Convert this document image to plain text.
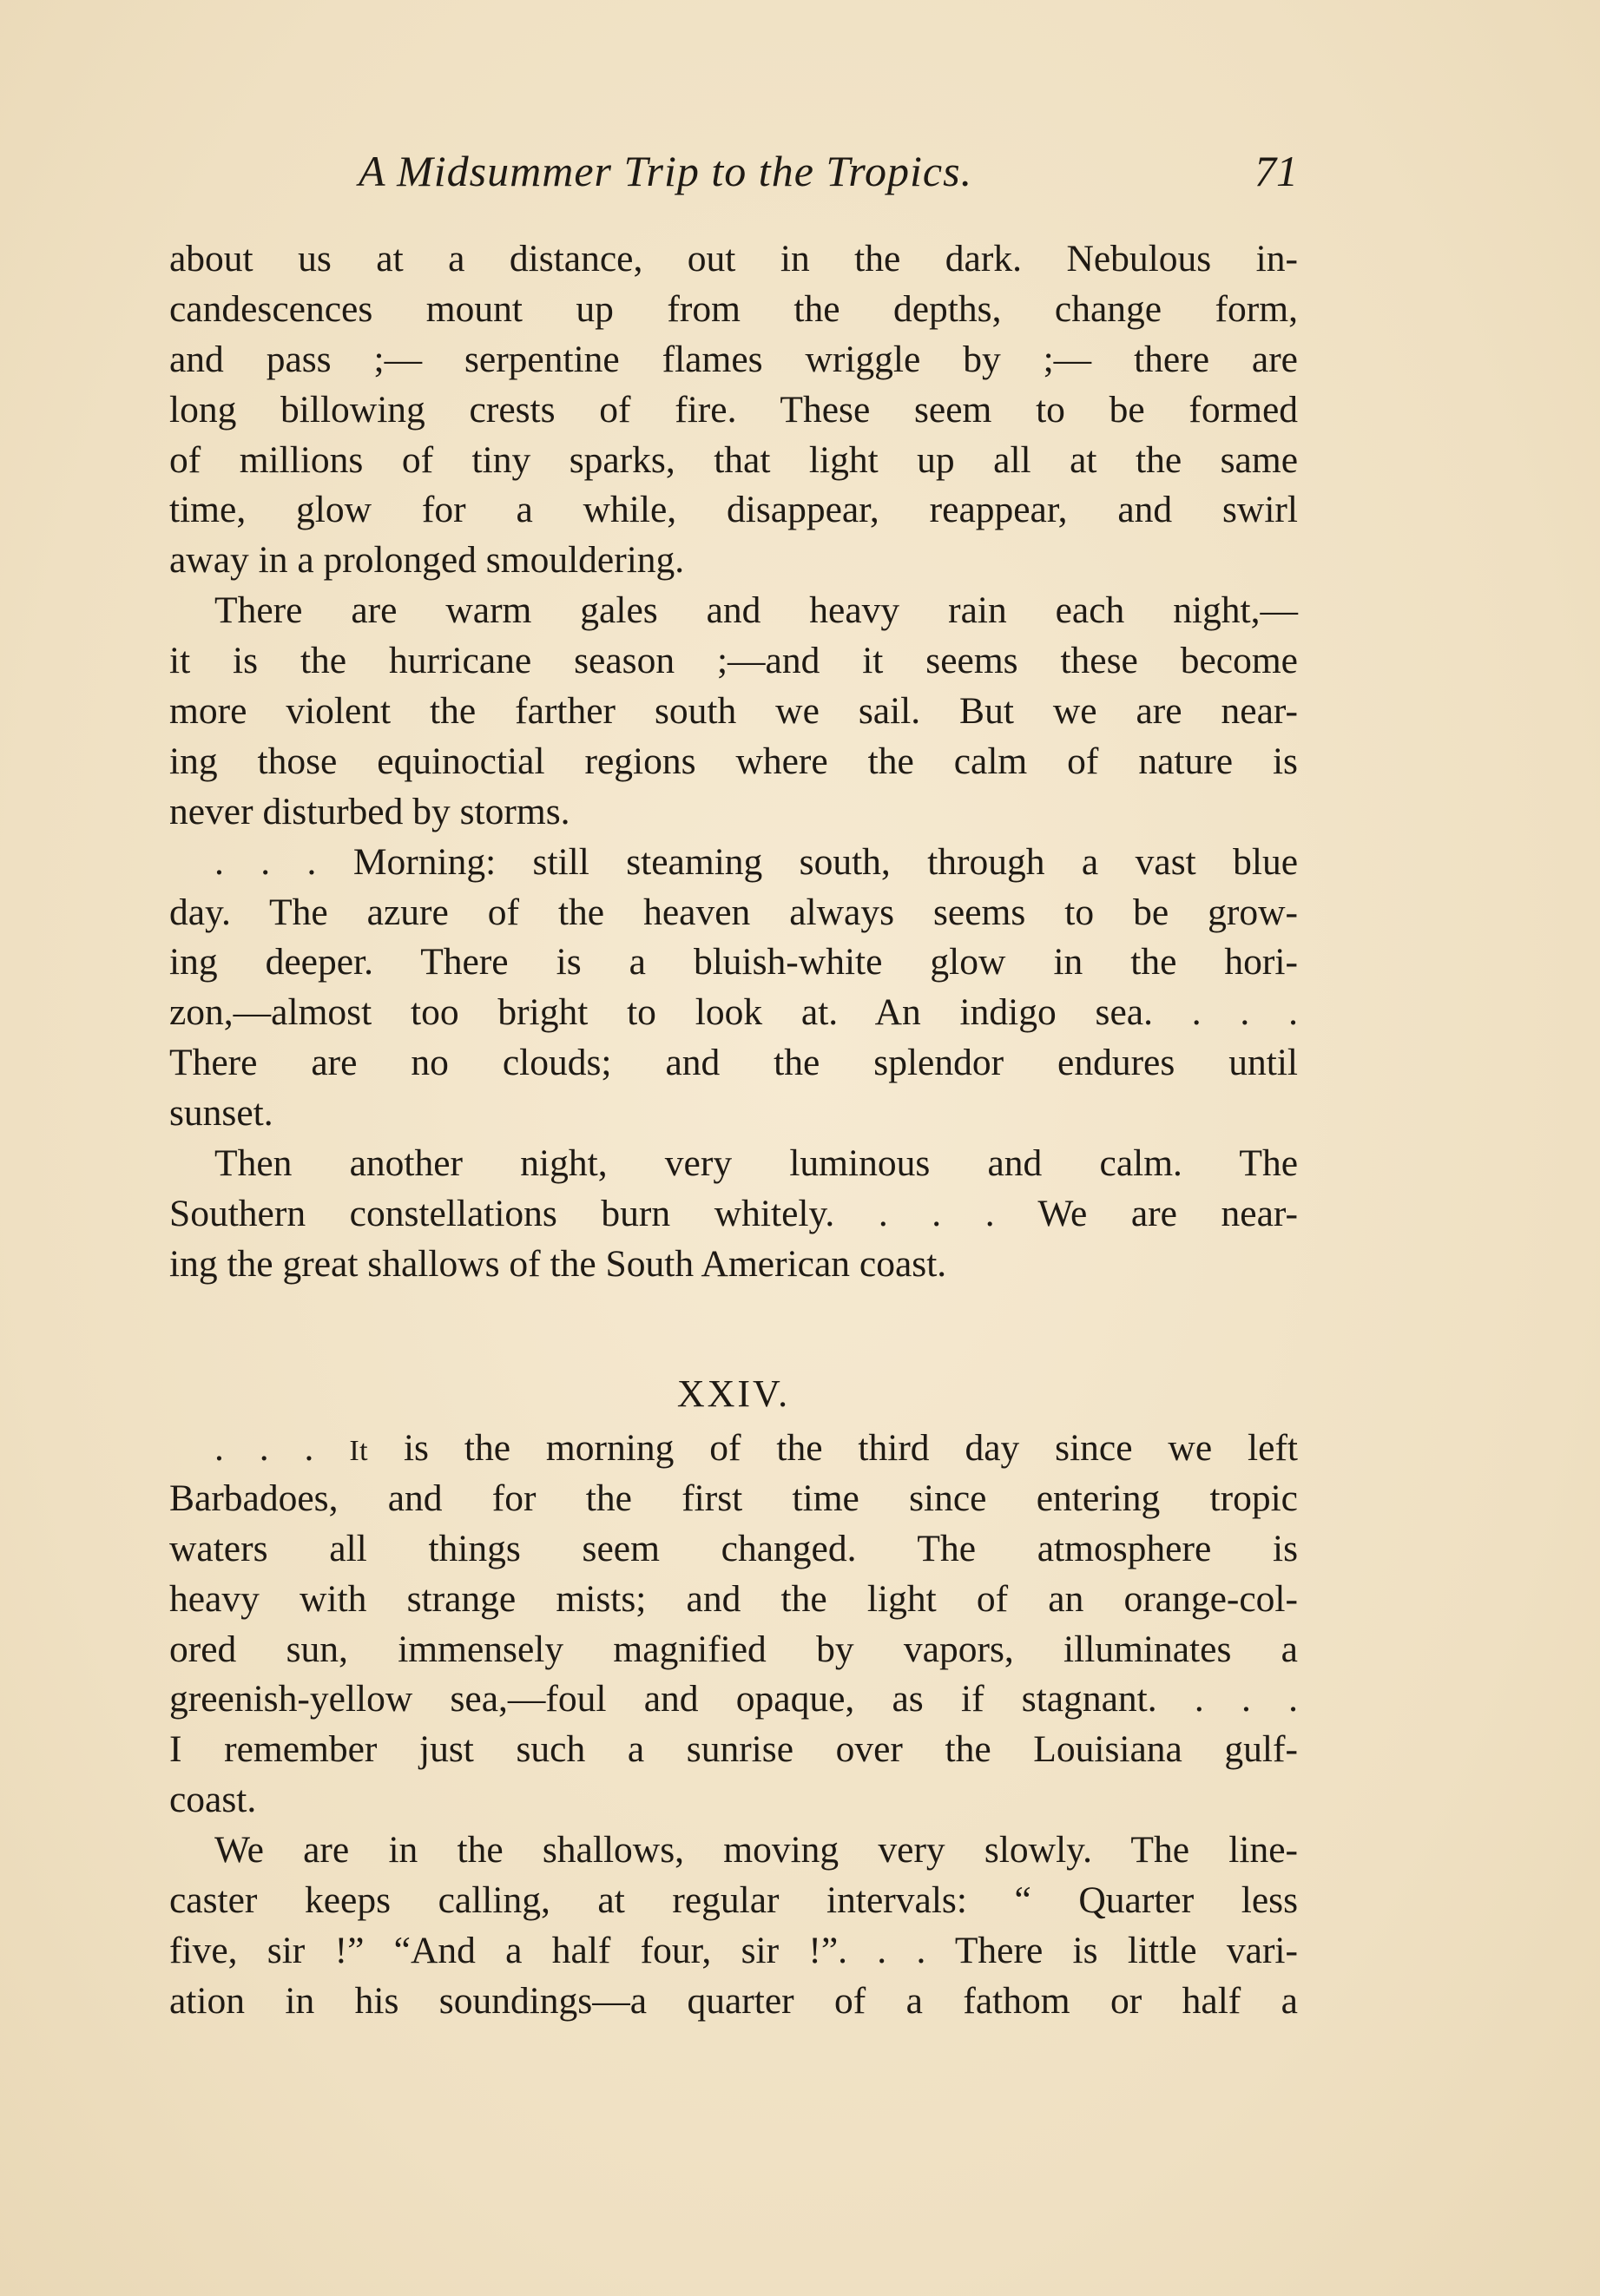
A Midsummer Trip to the Tropics.	71
about us at a distance, out in the dark. Nebulous in-
candescences mount up from the depths, change form,
and pass ;— serpentine flames wriggle by ;— there are
long billowing crests of fire. These seem to be formed
of millions of tiny sparks, that light up all at the same
time, glow for a while, disappear, reappear, and swirl
away in a prolonged smouldering.
There are warm gales and heavy rain each night,—
it is the hurricane season ;—and it seems these become
more violent the farther south we sail. But we are near-
ing those equinoctial regions where the calm of nature is
never disturbed by storms.
. . . Morning: still steaming south, through a vast blue
day. The azure of the heaven always seems to be grow-
ing deeper. There is a bluish-white glow in the hori-
zon,—almost too bright to look at. An indigo sea. . . .
There are no clouds; and the splendor endures until
sunset.
Then another night, very luminous and calm. The
Southern constellations burn whitely. . . . We are near-
ing the great shallows of the South American coast.
XXIV.
. . . It is the morning of the third day since we left
Barbadoes, and for the first time since entering tropic
waters all things seem changed. The atmosphere is
heavy with strange mists; and the light of an orange-col-
ored sun, immensely magnified by vapors, illuminates a
greenish-yellow sea,—foul and opaque, as if stagnant. . . .
I remember just such a sunrise over the Louisiana gulf-
coast.
We are in the shallows, moving very slowly. The line-
caster keeps calling, at regular intervals: “ Quarter less
five, sir !” “And a half four, sir !”. . . There is little vari-
ation in his soundings—a quarter of a fathom or half a
